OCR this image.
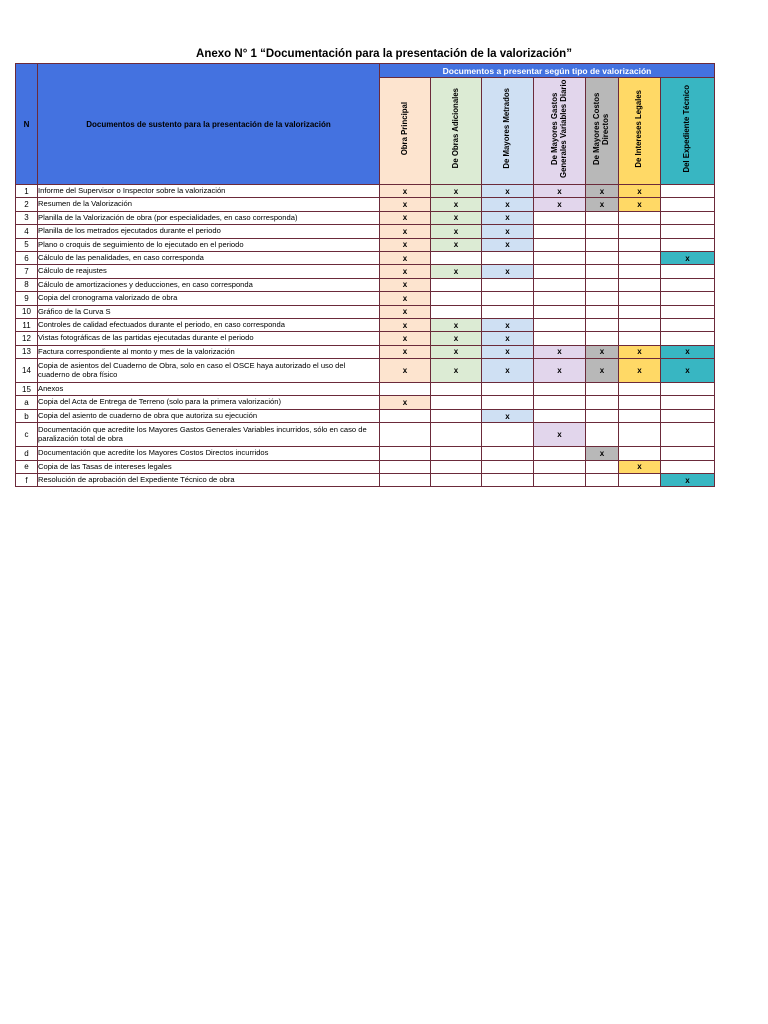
Anexo N° 1 “Documentación para la presentación de la valorización”
N	Documentos de sustento para la presentación de la valorización	Documentos a presentar según tipo de valorización						
		Obra Principal	De Obras Adicionales	De Mayores Metrados	De Mayores Gastos Generales Variables Diario	De Mayores Costos Directos	De Intereses Legales	Del Expediente Técnico
1	Informe del Supervisor o Inspector sobre la valorización	x	x	x	x	x	x	
2	Resumen de la Valorización	x	x	x	x	x	x	
3	Planilla de la Valorización de obra (por especialidades, en caso corresponda)	x	x	x				
4	Planilla de los metrados ejecutados durante el periodo	x	x	x				
5	Plano o croquis de seguimiento de lo ejecutado en el periodo	x	x	x				
6	Cálculo de las penalidades, en caso corresponda	x						x
7	Cálculo de reajustes	x	x	x				
8	Cálculo de amortizaciones y deducciones, en caso corresponda	x						
9	Copia del cronograma valorizado de obra	x						
10	Gráfico de la Curva S	x						
11	Controles de calidad efectuados durante el periodo, en caso corresponda	x	x	x				
12	Vistas fotográficas de las partidas ejecutadas durante el periodo	x	x	x				
13	Factura correspondiente al monto y mes de la valorización	x	x	x	x	x	x	x
14	Copia de asientos del Cuaderno de Obra, solo en caso el OSCE haya autorizado el uso del cuaderno de obra físico	x	x	x	x	x	x	x
15	Anexos							
a	Copia del Acta de Entrega de Terreno (solo para la primera valorización)	x						
b	Copia del asiento de cuaderno de obra que autoriza su ejecución			x				
c	Documentación que acredite los Mayores Gastos Generales Variables incurridos, sólo en caso de paralización total de obra				x			
d	Documentación que acredite los Mayores Costos Directos incurridos					x		
e	Copia de las Tasas de intereses legales						x	
f	Resolución de aprobación del Expediente Técnico de obra							x
